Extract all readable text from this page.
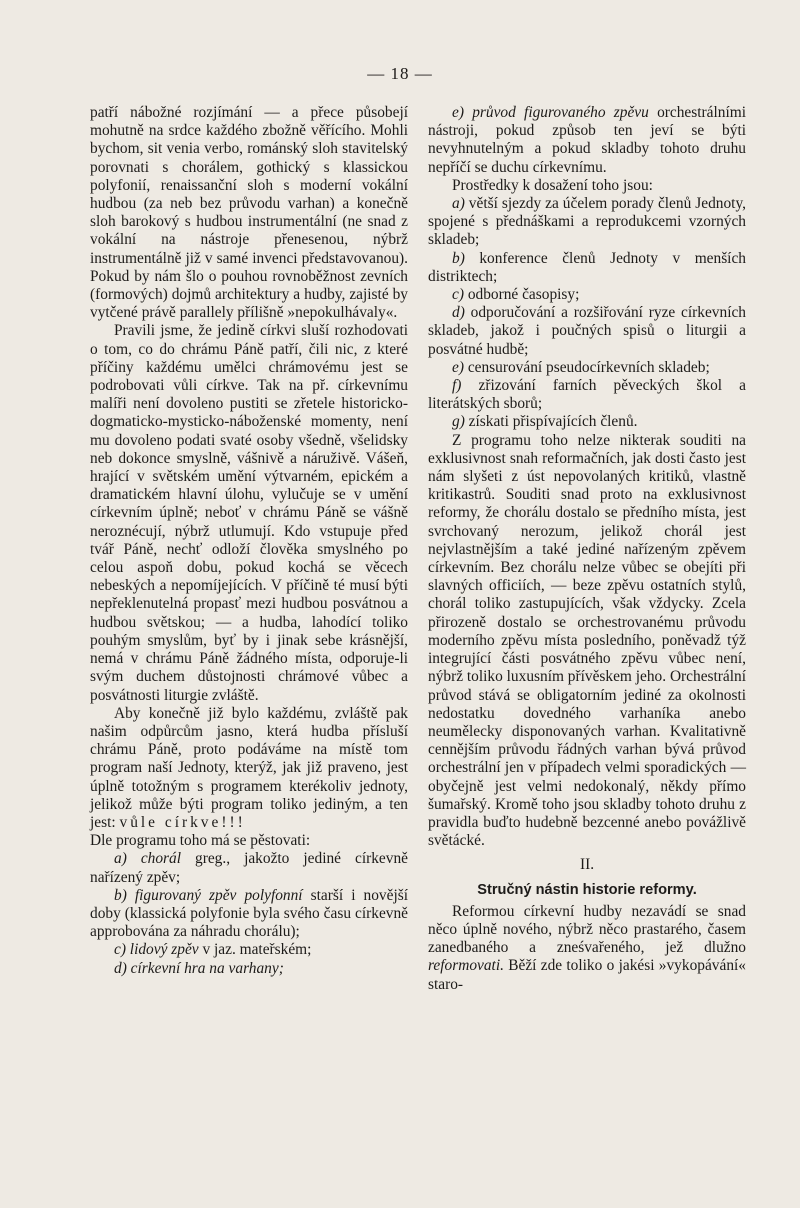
— 18 —

patří nábožné rozjímání — a přece působejí mohutně na srdce každého zbožně věřícího. Mohli bychom, sit venia verbo, románský sloh stavitelský porovnati s chorálem, gothický s klassickou polyfonií, renaissanční sloh s moderní vokální hudbou (za neb bez průvodu varhan) a konečně sloh barokový s hudbou instrumentální (ne snad z vokální na nástroje přenesenou, nýbrž instrumentálně již v samé invenci představovanou). Pokud by nám šlo o pouhou rovnoběžnost zevních (formových) dojmů architektury a hudby, zajisté by vytčené právě parallely přílišně »nepokulhávaly«.

Pravili jsme, že jedině církvi sluší rozhodovati o tom, co do chrámu Páně patří, čili nic, z které příčiny každému umělci chrámovému jest se podrobovati vůli církve. Tak na př. církevnímu malíři není dovoleno pustiti se zřetele historicko-dogmaticko-mysticko-náboženské momenty, není mu dovoleno podati svaté osoby všedně, všelidsky neb dokonce smyslně, vášnivě a náruživě. Vášeň, hrající v světském umění výtvarném, epickém a dramatickém hlavní úlohu, vylučuje se v umění církevním úplně; neboť v chrámu Páně se vášně neroznécují, nýbrž utlumují. Kdo vstupuje před tvář Páně, nechť odloží člověka smyslného po celou aspoň dobu, pokud kochá se věcech nebeských a nepomíjejících. V příčině té musí býti nepřeklenutelná propasť mezi hudbou posvátnou a hudbou světskou; — a hudba, lahodící toliko pouhým smyslům, byť by i jinak sebe krásnější, nemá v chrámu Páně žádného místa, odporuje-li svým duchem důstojnosti chrámové vůbec a posvátnosti liturgie zvláště.

Aby konečně již bylo každému, zvláště pak našim odpůrcům jasno, která hudba přísluší chrámu Páně, proto podáváme na místě tom program naší Jednoty, kterýž, jak již praveno, jest úplně totožným s programem kterékoliv jednoty, jelikož může býti program toliko jediným, a ten jest: vůle církve!!!

Dle programu toho má se pěstovati:

a) chorál greg., jakožto jediné církevně nařízený zpěv;

b) figurovaný zpěv polyfonní starší i novější doby (klassická polyfonie byla svého času církevně approbována za náhradu chorálu);

c) lidový zpěv v jaz. mateřském;

d) církevní hra na varhany;

e) průvod figurovaného zpěvu orchestrálními nástroji, pokud způsob ten jeví se býti nevyhnutelným a pokud skladby tohoto druhu nepříčí se duchu církevnímu.

Prostředky k dosažení toho jsou:

a) větší sjezdy za účelem porady členů Jednoty, spojené s přednáškami a reprodukcemi vzorných skladeb;

b) konference členů Jednoty v menších distriktech;

c) odborné časopisy;

d) odporučování a rozšiřování ryze církevních skladeb, jakož i poučných spisů o liturgii a posvátné hudbě;

e) censurování pseudocírkevních skladeb;

f) zřizování farních pěveckých škol a literátských sborů;

g) získati přispívajících členů.

Z programu toho nelze nikterak souditi na exklusivnost snah reformačních, jak dosti často jest nám slyšeti z úst nepovolaných kritiků, vlastně kritikastrů. Souditi snad proto na exklusivnost reformy, že chorálu dostalo se předního místa, jest svrchovaný nerozum, jelikož chorál jest nejvlastnějším a také jediné nařízeným zpěvem církevním. Bez chorálu nelze vůbec se obejíti při slavných officiích, — beze zpěvu ostatních stylů, chorál toliko zastupujících, však vždycky. Zcela přirozeně dostalo se orchestrovanému průvodu moderního zpěvu místa posledního, poněvadž týž integrující části posvátného zpěvu vůbec není, nýbrž toliko luxusním přívěskem jeho. Orchestrální průvod stává se obligatorním jediné za okolnosti nedostatku dovedného varhaníka anebo neumělecky disponovaných varhan. Kvalitativně cennějším průvodu řádných varhan bývá průvod orchestrální jen v případech velmi sporadických — obyčejně jest velmi nedokonalý, někdy přímo šumařský. Kromě toho jsou skladby tohoto druhu z pravidla buďto hudebně bezcenné anebo povážlivě světácké.

II.

Stručný nástin historie reformy.

Reformou církevní hudby nezavádí se snad něco úplně nového, nýbrž něco prastarého, časem zanedbaného a zneśvařeného, jež dlužno reformovati. Běží zde toliko o jakési »vykopávání« staro-
